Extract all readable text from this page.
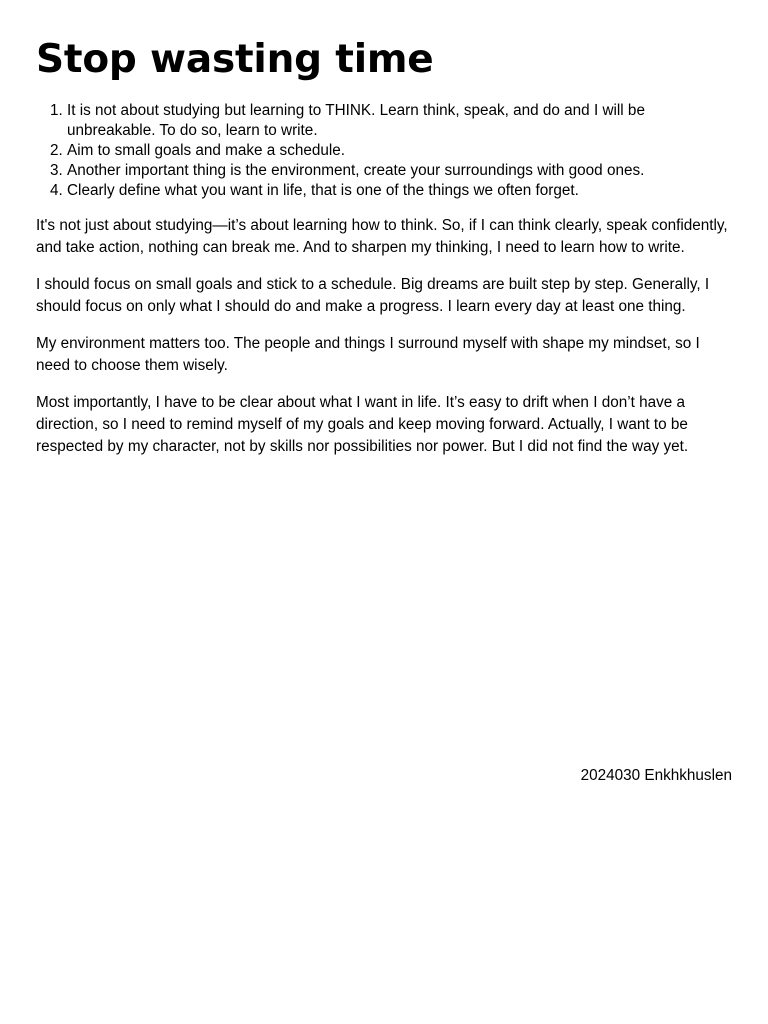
Stop wasting time
1. It is not about studying but learning to THINK. Learn think, speak, and do and I will be unbreakable. To do so, learn to write.
2. Aim to small goals and make a schedule.
3. Another important thing is the environment, create your surroundings with good ones.
4. Clearly define what you want in life, that is one of the things we often forget.

It's not just about studying—it’s about learning how to think. So, if I can think clearly, speak confidently, and take action, nothing can break me. And to sharpen my thinking, I need to learn how to write.

I should focus on small goals and stick to a schedule. Big dreams are built step by step. Generally, I should focus on only what I should do and make a progress. I learn every day at least one thing.

My environment matters too. The people and things I surround myself with shape my mindset, so I need to choose them wisely.

Most importantly, I have to be clear about what I want in life. It’s easy to drift when I don’t have a direction, so I need to remind myself of my goals and keep moving forward. Actually, I want to be respected by my character, not by skills nor possibilities nor power. But I did not find the way yet.

2024030 Enkhkhuslen
